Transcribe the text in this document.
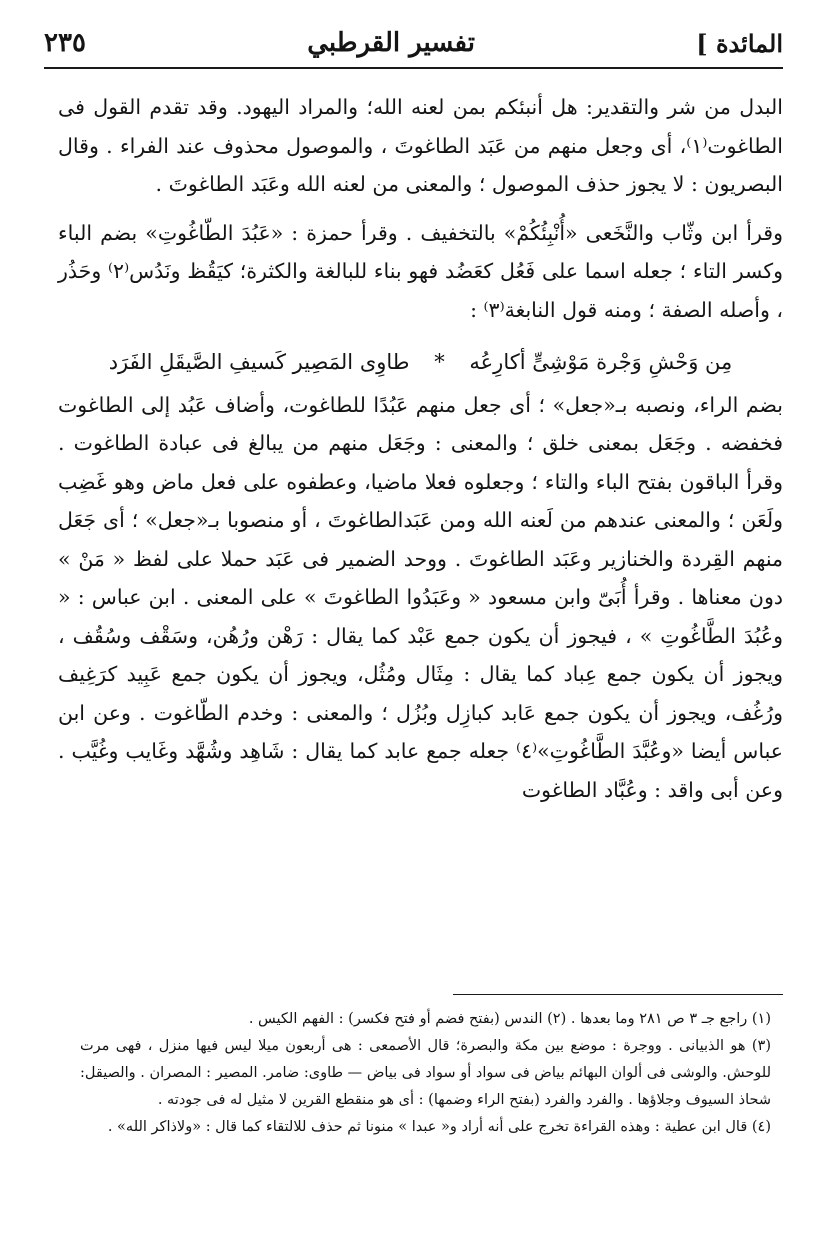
المائدة ]
تفسير القرطبي
٢٣٥

البدل من شر والتقدير: هل أنبئكم بمن لعنه الله؛ والمراد اليهود. وقد تقدم القول فى الطاغوت⁽١⁾، أى وجعل منهم من عَبَد الطاغوتَ ، والموصول محذوف عند الفراء . وقال البصريون : لا يجوز حذف الموصول ؛ والمعنى من لعنه الله وعَبَد الطاغوتَ .

وقرأ ابن وثّاب والنَّخَعى «أُنْبِئُكُمْ» بالتخفيف . وقرأ حمزة : «عَبُدَ الطّاغُوتِ» بضم الباء وكسر التاء ؛ جعله اسما على فَعُل كعَضُد فهو بناء للبالغة والكثرة؛ كيَقُظ ونَدُس⁽٢⁾ وحَذُر ، وأصله الصفة ؛ ومنه قول النابغة⁽٣⁾ :

مِن وَحْشِ وَجْرة مَوْشِىٍّ أكارِعُه * طاوِى المَصِير كَسيفِ الصَّيقَلِ الفَرَد

بضم الراء، ونصبه بـ«جعل» ؛ أى جعل منهم عَبُدًا للطاغوت، وأضاف عَبُد إلى الطاغوت فخفضه . وجَعَل بمعنى خلق ؛ والمعنى : وجَعَل منهم من يبالغ فى عبادة الطاغوت . وقرأ الباقون بفتح الباء والتاء ؛ وجعلوه فعلا ماضيا، وعطفوه على فعل ماض وهو غَضِب ولَعَن ؛ والمعنى عندهم من لَعنه الله ومن عَبَدالطاغوتَ ، أو منصوبا بـ«جعل» ؛ أى جَعَل منهم القِردة والخنازير وعَبَد الطاغوتَ . ووحد الضمير فى عَبَد حملا على لفظ « مَنْ » دون معناها . وقرأ أُبَىّ وابن مسعود « وعَبَدُوا الطاغوتَ » على المعنى . ابن عباس : « وعُبُدَ الطَّاغُوتِ » ، فيجوز أن يكون جمع عَبْد كما يقال : رَهْن ورُهُن، وسَقْف وسُقُف ، ويجوز أن يكون جمع عِباد كما يقال : مِثَال ومُثُل، ويجوز أن يكون جمع عَبِيد كرَغِيف ورُغُف، ويجوز أن يكون جمع عَابد كبازِل وبُزُل ؛ والمعنى : وخدم الطّاغوت . وعن ابن عباس أيضا «وعُبَّدَ الطَّاغُوتِ»⁽٤⁾ جعله جمع عابد كما يقال : شَاهِد وشُهَّد وغَايب وغُيَّب . وعن أبى واقد : وعُبَّاد الطاغوت

(١) راجع جـ ٣ ص ٢٨١ وما بعدها . (٢) الندس (بفتح فضم أو فتح فكسر) : الفهم الكيس .

(٣) هو الذبيانى . ووجرة : موضع بين مكة والبصرة؛ قال الأصمعى : هى أربعون ميلا ليس فيها منزل ، فهى مرت للوحش. والوشى فى ألوان البهائم بياض فى سواد أو سواد فى بياض — طاوى: ضامر. المصير : المصران . والصيقل: شحاذ السيوف وجلاؤها . والفرد والفرد (بفتح الراء وضمها) : أى هو منقطع القرين لا مثيل له فى جودته .

(٤) قال ابن عطية : وهذه القراءة تخرج على أنه أراد و« عبدا » منونا ثم حذف للالتقاء كما قال : «ولاذاكر الله» .
